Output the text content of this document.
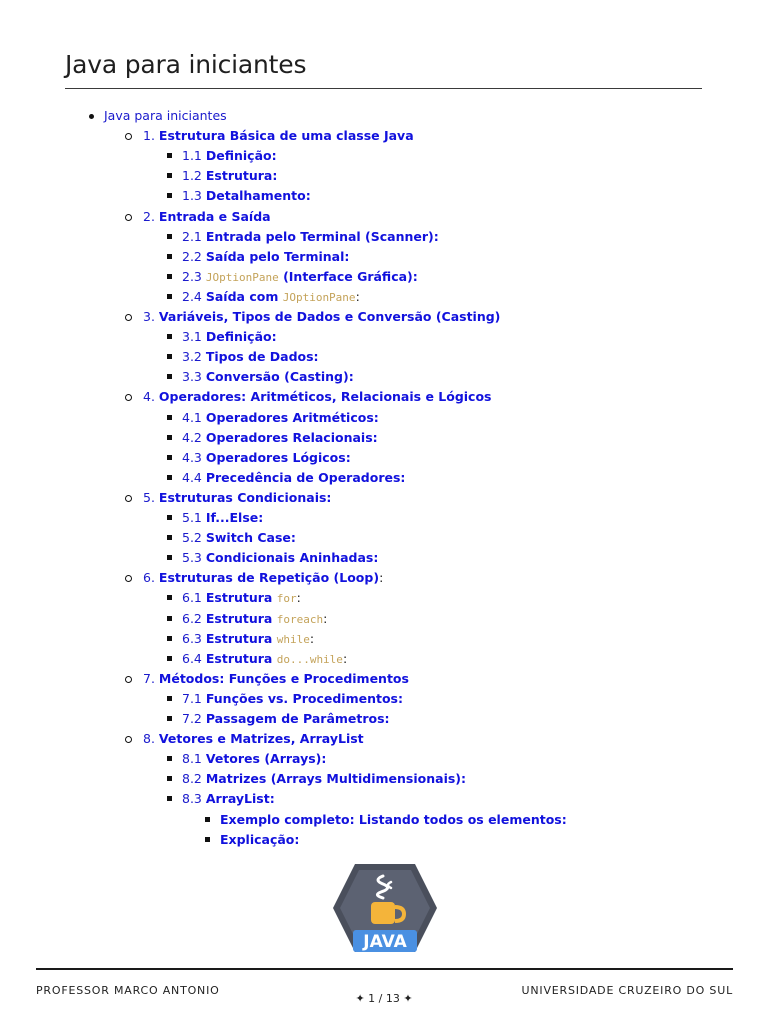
Java para iniciantes
Java para iniciantes
1. Estrutura Básica de uma classe Java
1.1 Definição:
1.2 Estrutura:
1.3 Detalhamento:
2. Entrada e Saída
2.1 Entrada pelo Terminal (Scanner):
2.2 Saída pelo Terminal:
2.3 JOptionPane (Interface Gráfica):
2.4 Saída com JOptionPane:
3. Variáveis, Tipos de Dados e Conversão (Casting)
3.1 Definição:
3.2 Tipos de Dados:
3.3 Conversão (Casting):
4. Operadores: Aritméticos, Relacionais e Lógicos
4.1 Operadores Aritméticos:
4.2 Operadores Relacionais:
4.3 Operadores Lógicos:
4.4 Precedência de Operadores:
5. Estruturas Condicionais:
5.1 If...Else:
5.2 Switch Case:
5.3 Condicionais Aninhadas:
6. Estruturas de Repetição (Loop):
6.1 Estrutura for:
6.2 Estrutura foreach:
6.3 Estrutura while:
6.4 Estrutura do...while:
7. Métodos: Funções e Procedimentos
7.1 Funções vs. Procedimentos:
7.2 Passagem de Parâmetros:
8. Vetores e Matrizes, ArrayList
8.1 Vetores (Arrays):
8.2 Matrizes (Arrays Multidimensionais):
8.3 ArrayList:
Exemplo completo: Listando todos os elementos:
Explicação:
JAVA
PROFESSOR MARCO ANTONIO
✦ 1 / 13 ✦
UNIVERSIDADE CRUZEIRO DO SUL
